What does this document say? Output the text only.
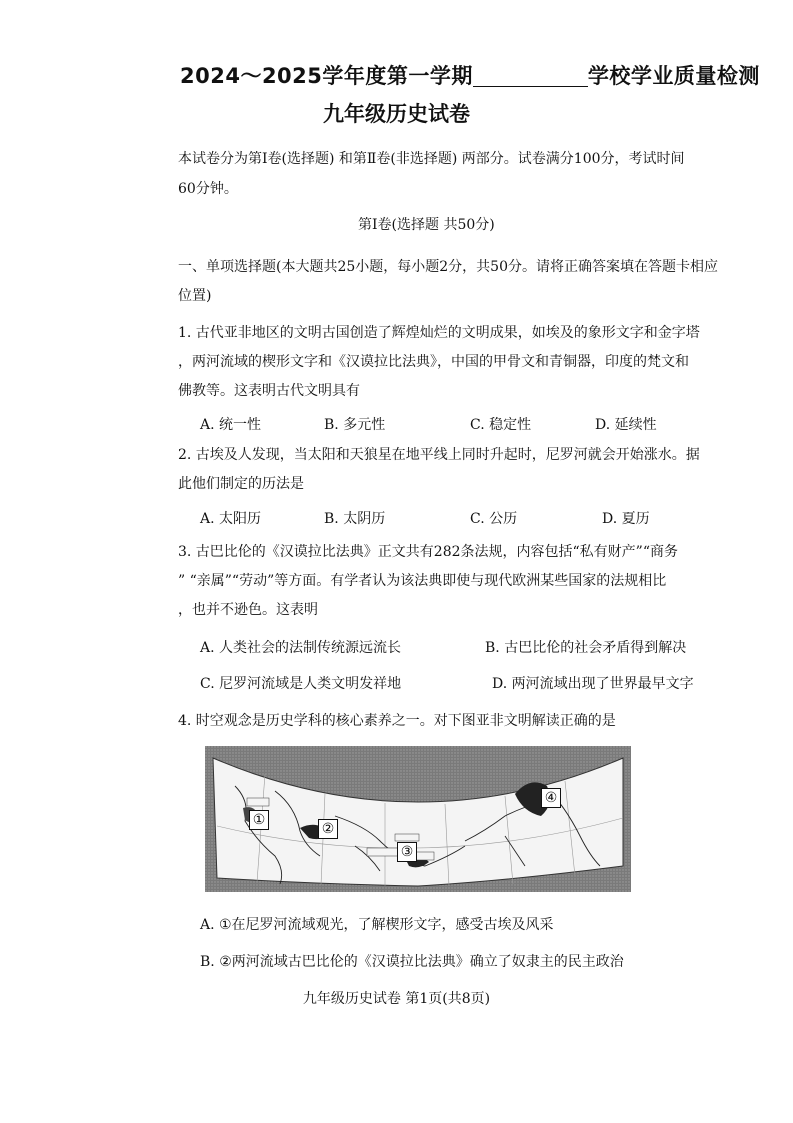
2024～2025学年度第一学期	学校学业质量检测
九年级历史试卷
本试卷分为第Ⅰ卷(选择题) 和第Ⅱ卷(非选择题) 两部分。试卷满分100分，考试时间
60分钟。
第Ⅰ卷(选择题 共50分)
一、单项选择题(本大题共25小题，每小题2分，共50分。请将正确答案填在答题卡相应
位置)
1. 古代亚非地区的文明古国创造了辉煌灿烂的文明成果，如埃及的象形文字和金字塔
，两河流域的楔形文字和《汉谟拉比法典》，中国的甲骨文和青铜器，印度的梵文和
佛教等。这表明古代文明具有
A. 统一性	B. 多元性	C. 稳定性	D. 延续性
2. 古埃及人发现，当太阳和天狼星在地平线上同时升起时，尼罗河就会开始涨水。据
此他们制定的历法是
A. 太阳历	B. 太阴历	C. 公历	D. 夏历
3. 古巴比伦的《汉谟拉比法典》正文共有282条法规，内容包括“私有财产”“商务
” “亲属”“劳动”等方面。有学者认为该法典即使与现代欧洲某些国家的法规相比
，也并不逊色。这表明
A. 人类社会的法制传统源远流长	B. 古巴比伦的社会矛盾得到解决
C. 尼罗河流域是人类文明发祥地	D. 两河流域出现了世界最早文字
4. 时空观念是历史学科的核心素养之一。对下图亚非文明解读正确的是
①
②
③
④
A. ①在尼罗河流域观光，了解楔形文字，感受古埃及风采
B. ②两河流域古巴比伦的《汉谟拉比法典》确立了奴隶主的民主政治
九年级历史试卷 第1页(共8页)
